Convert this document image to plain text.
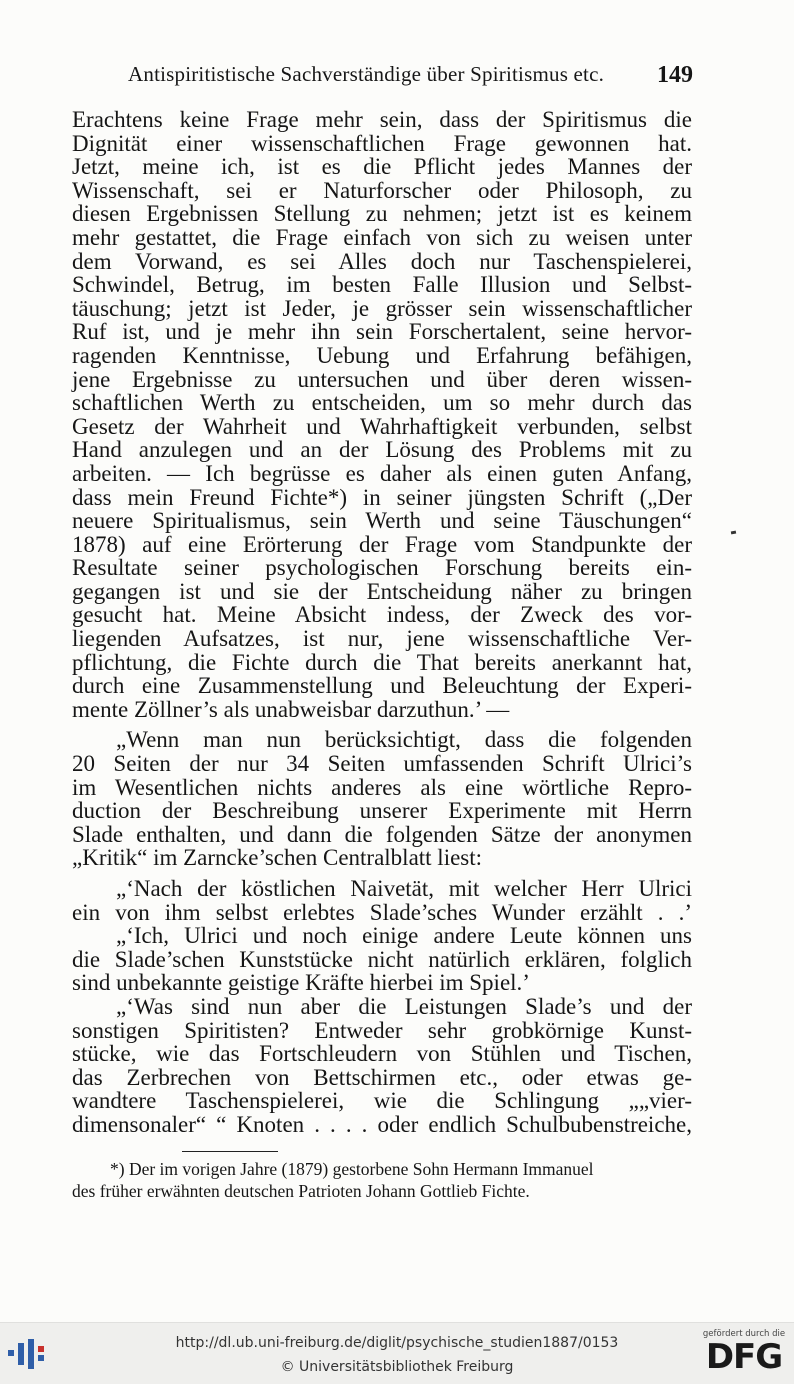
Antispiritistische Sachverständige über Spiritismus etc. 149

Erachtens keine Frage mehr sein, dass der Spiritismus die

Dignität einer wissenschaftlichen Frage gewonnen hat.

Jetzt, meine ich, ist es die Pflicht jedes Mannes der

Wissenschaft, sei er Naturforscher oder Philosoph, zu

diesen Ergebnissen Stellung zu nehmen; jetzt ist es keinem

mehr gestattet, die Frage einfach von sich zu weisen unter

dem Vorwand, es sei Alles doch nur Taschenspielerei,

Schwindel, Betrug, im besten Falle Illusion und Selbst-

täuschung; jetzt ist Jeder, je grösser sein wissenschaftlicher

Ruf ist, und je mehr ihn sein Forschertalent, seine hervor-

ragenden Kenntnisse, Uebung und Erfahrung befähigen,

jene Ergebnisse zu untersuchen und über deren wissen-

schaftlichen Werth zu entscheiden, um so mehr durch das

Gesetz der Wahrheit und Wahrhaftigkeit verbunden, selbst

Hand anzulegen und an der Lösung des Problems mit zu

arbeiten. — Ich begrüsse es daher als einen guten Anfang,

dass mein Freund Fichte*) in seiner jüngsten Schrift („Der

neuere Spiritualismus, sein Werth und seine Täuschungen“

1878) auf eine Erörterung der Frage vom Standpunkte der

Resultate seiner psychologischen Forschung bereits ein-

gegangen ist und sie der Entscheidung näher zu bringen

gesucht hat. Meine Absicht indess, der Zweck des vor-

liegenden Aufsatzes, ist nur, jene wissenschaftliche Ver-

pflichtung, die Fichte durch die That bereits anerkannt hat,

durch eine Zusammenstellung und Beleuchtung der Experi-

mente Zöllner’s als unabweisbar darzuthun.’ —

„Wenn man nun berücksichtigt, dass die folgenden

20 Seiten der nur 34 Seiten umfassenden Schrift Ulrici’s

im Wesentlichen nichts anderes als eine wörtliche Repro-

duction der Beschreibung unserer Experimente mit Herrn

Slade enthalten, und dann die folgenden Sätze der anonymen

„Kritik“ im Zarncke’schen Centralblatt liest:

„‘Nach der köstlichen Naivetät, mit welcher Herr Ulrici

ein von ihm selbst erlebtes Slade’sches Wunder erzählt . .’

„‘Ich, Ulrici und noch einige andere Leute können uns

die Slade’schen Kunststücke nicht natürlich erklären, folglich

sind unbekannte geistige Kräfte hierbei im Spiel.’

„‘Was sind nun aber die Leistungen Slade’s und der

sonstigen Spiritisten? Entweder sehr grobkörnige Kunst-

stücke, wie das Fortschleudern von Stühlen und Tischen,

das Zerbrechen von Bettschirmen etc., oder etwas ge-

wandtere Taschenspielerei, wie die Schlingung „„vier-

dimensonaler“ “ Knoten . . . . oder endlich Schulbubenstreiche,

*) Der im vorigen Jahre (1879) gestorbene Sohn Hermann Immanuel

des früher erwähnten deutschen Patrioten Johann Gottlieb Fichte.

http://dl.ub.uni-freiburg.de/diglit/psychische_studien1887/0153
© Universitätsbibliothek Freiburg
gefördert durch die
DFG
